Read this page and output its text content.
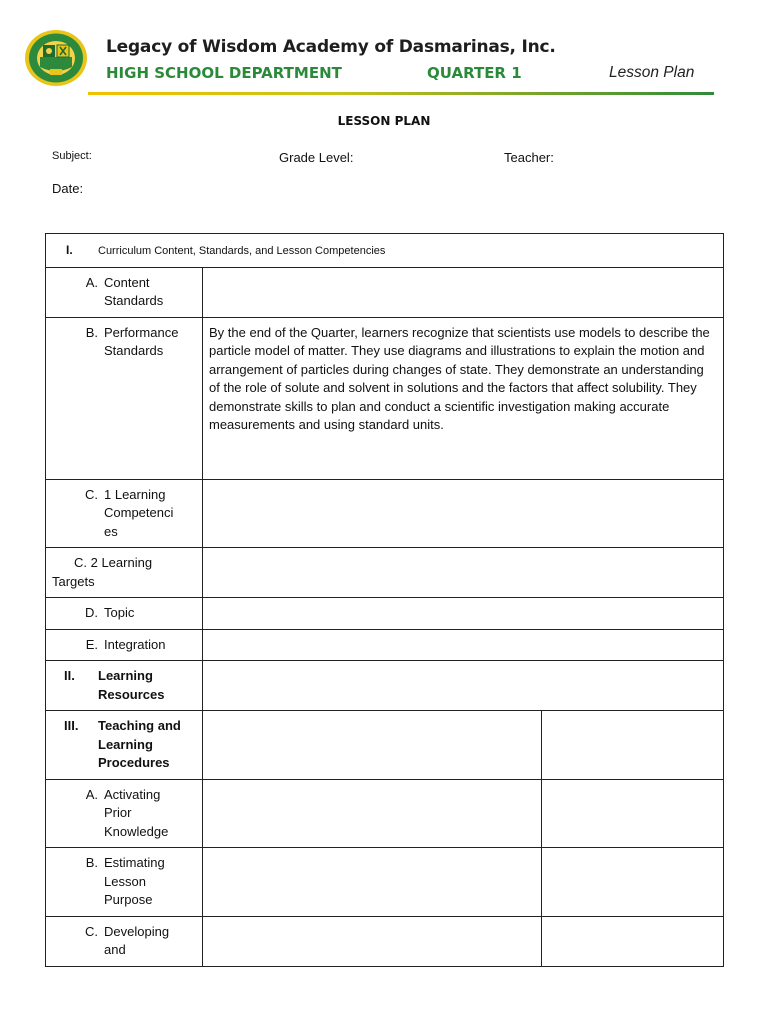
Legacy of Wisdom Academy of Dasmarinas, Inc.
HIGH SCHOOL DEPARTMENT	QUARTER 1	Lesson Plan
LESSON PLAN
Subject:	Grade Level:	Teacher:
Date:
I. Curriculum Content, Standards, and Lesson Competencies		

A. Content Standards		

B. Performance Standards	By the end of the Quarter, learners recognize that scientists use models to describe the particle model of matter. They use diagrams and illustrations to explain the motion and arrangement of particles during changes of state. They demonstrate an understanding of the role of solute and solvent in solutions and the factors that affect solubility. They demonstrate skills to plan and conduct a scientific investigation making accurate measurements and using standard units.	

C. 1 Learning
Competenci
es		

C. 2 Learning
Targets		

D. Topic		

E. Integration		

II. Learning Resources		

III. Teaching and Learning Procedures		

A. Activating Prior Knowledge		

B. Estimating Lesson Purpose		

C. Developing and		
